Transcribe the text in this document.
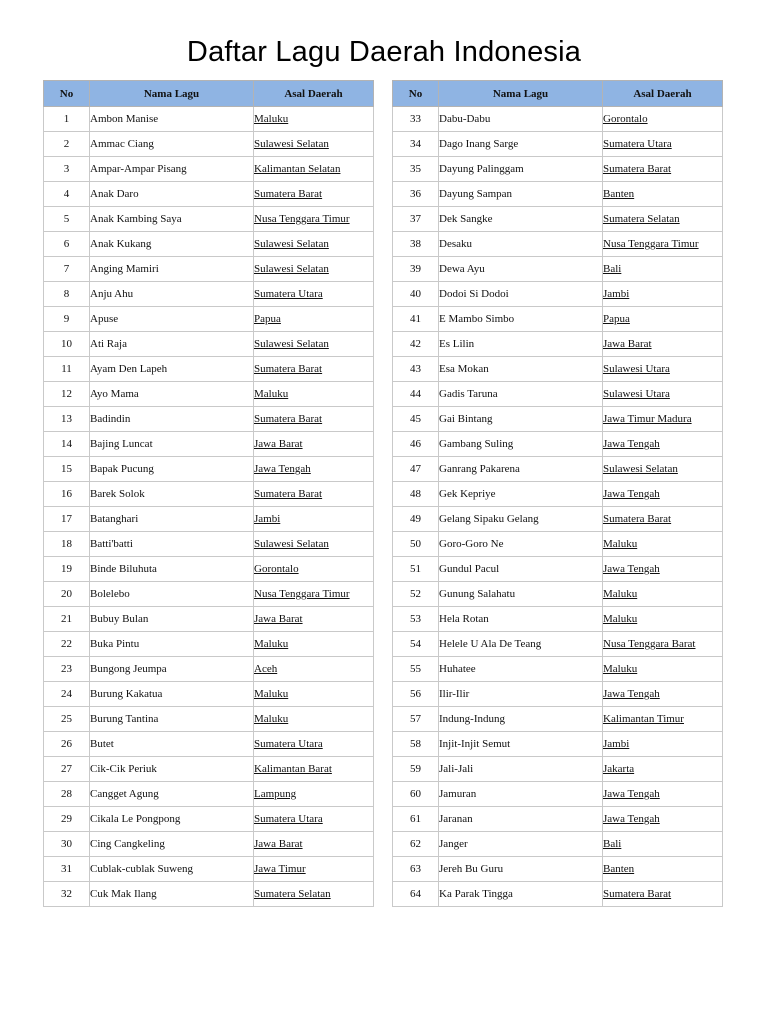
Daftar Lagu Daerah Indonesia
No	Nama Lagu	Asal Daerah
1	Ambon Manise	Maluku
2	Ammac Ciang	Sulawesi Selatan
3	Ampar-Ampar Pisang	Kalimantan Selatan
4	Anak Daro	Sumatera Barat
5	Anak Kambing Saya	Nusa Tenggara Timur
6	Anak Kukang	Sulawesi Selatan
7	Anging Mamiri	Sulawesi Selatan
8	Anju Ahu	Sumatera Utara
9	Apuse	Papua
10	Ati Raja	Sulawesi Selatan
11	Ayam Den Lapeh	Sumatera Barat
12	Ayo Mama	Maluku
13	Badindin	Sumatera Barat
14	Bajing Luncat	Jawa Barat
15	Bapak Pucung	Jawa Tengah
16	Barek Solok	Sumatera Barat
17	Batanghari	Jambi
18	Batti'batti	Sulawesi Selatan
19	Binde Biluhuta	Gorontalo
20	Bolelebo	Nusa Tenggara Timur
21	Bubuy Bulan	Jawa Barat
22	Buka Pintu	Maluku
23	Bungong Jeumpa	Aceh
24	Burung Kakatua	Maluku
25	Burung Tantina	Maluku
26	Butet	Sumatera Utara
27	Cik-Cik Periuk	Kalimantan Barat
28	Cangget Agung	Lampung
29	Cikala Le Pongpong	Sumatera Utara
30	Cing Cangkeling	Jawa Barat
31	Cublak-cublak Suweng	Jawa Timur
32	Cuk Mak Ilang	Sumatera Selatan
No	Nama Lagu	Asal Daerah
33	Dabu-Dabu	Gorontalo
34	Dago Inang Sarge	Sumatera Utara
35	Dayung Palinggam	Sumatera Barat
36	Dayung Sampan	Banten
37	Dek Sangke	Sumatera Selatan
38	Desaku	Nusa Tenggara Timur
39	Dewa Ayu	Bali
40	Dodoi Si Dodoi	Jambi
41	E Mambo Simbo	Papua
42	Es Lilin	Jawa Barat
43	Esa Mokan	Sulawesi Utara
44	Gadis Taruna	Sulawesi Utara
45	Gai Bintang	Jawa Timur Madura
46	Gambang Suling	Jawa Tengah
47	Ganrang Pakarena	Sulawesi Selatan
48	Gek Kepriye	Jawa Tengah
49	Gelang Sipaku Gelang	Sumatera Barat
50	Goro-Goro Ne	Maluku
51	Gundul Pacul	Jawa Tengah
52	Gunung Salahatu	Maluku
53	Hela Rotan	Maluku
54	Helele U Ala De Teang	Nusa Tenggara Barat
55	Huhatee	Maluku
56	Ilir-Ilir	Jawa Tengah
57	Indung-Indung	Kalimantan Timur
58	Injit-Injit Semut	Jambi
59	Jali-Jali	Jakarta
60	Jamuran	Jawa Tengah
61	Jaranan	Jawa Tengah
62	Janger	Bali
63	Jereh Bu Guru	Banten
64	Ka Parak Tingga	Sumatera Barat
